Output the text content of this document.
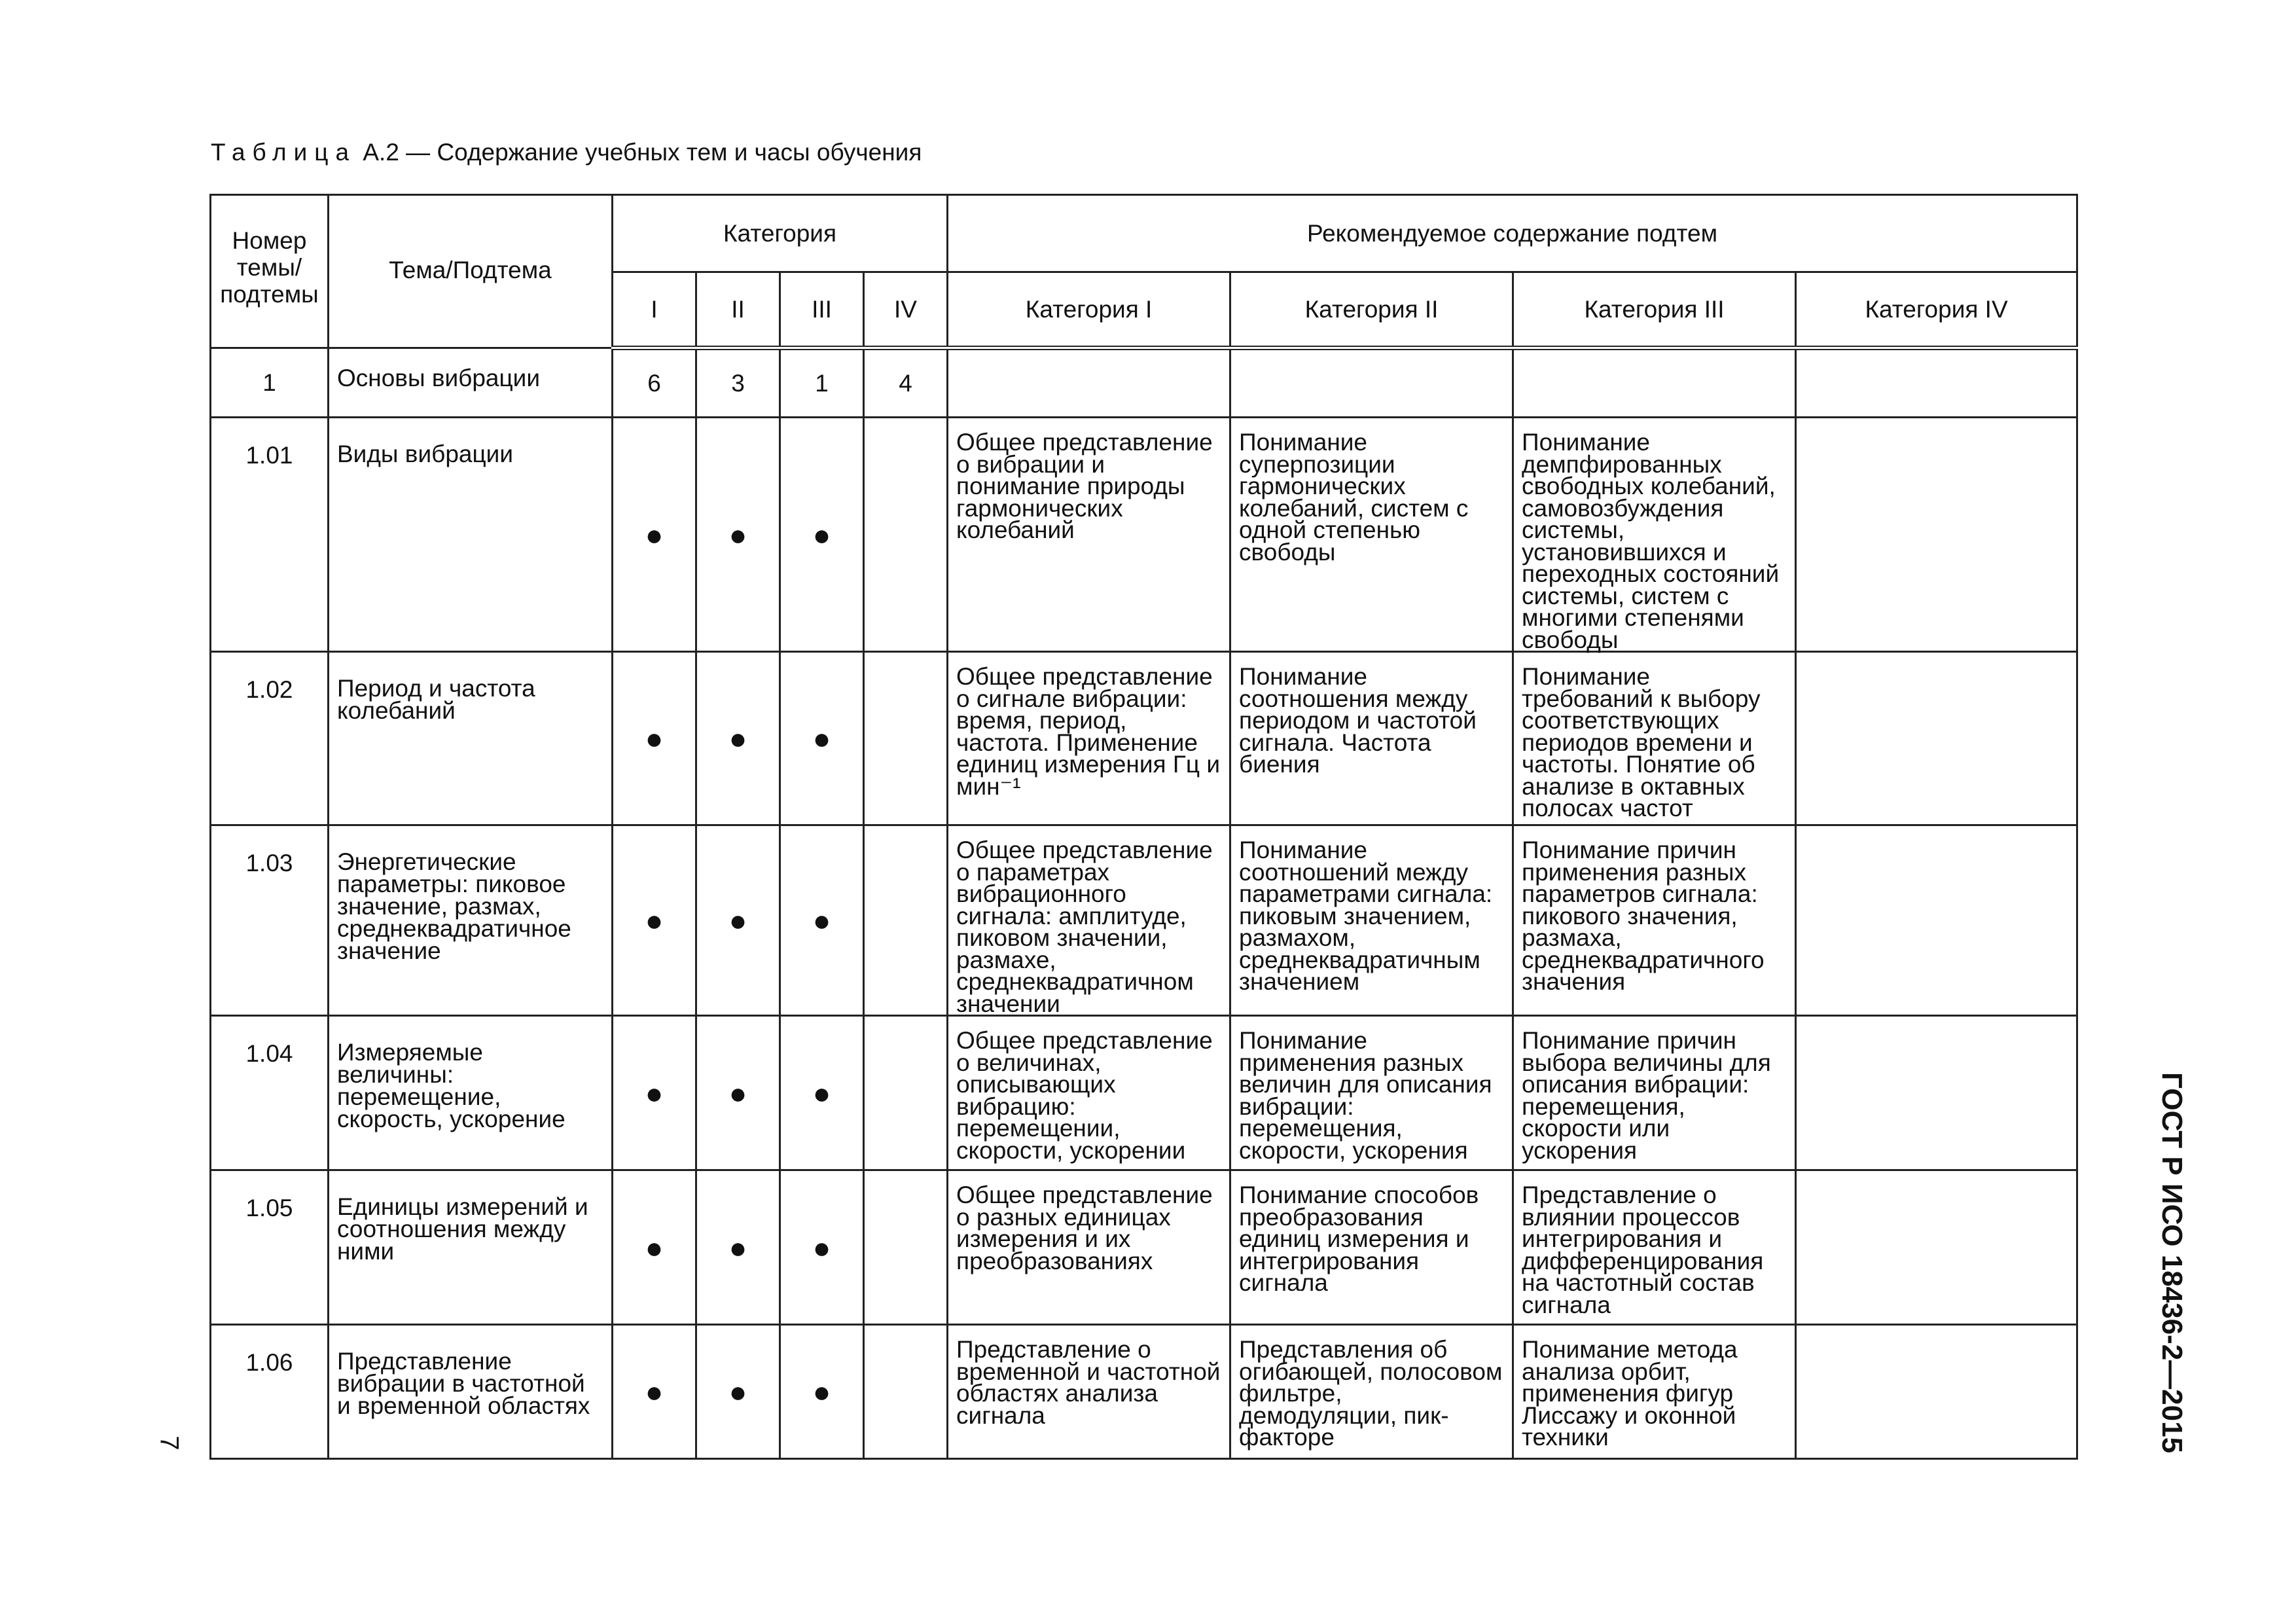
Таблица А.2 — Содержание учебных тем и часы обучения
Номер темы/ подтемы	Тема/Подтема	Категория				Рекомендуемое содержание подтем			
		I	II	III	IV	Категория I	Категория II	Категория III	Категория IV
1	Основы вибрации	6	3	1	4				
1.01	Виды вибрации	●	●	●		Общее представление о вибрации и понимание природы гармонических колебаний	Понимание суперпозиции гармонических колебаний, систем с одной степенью свободы	Понимание демпфированных свободных колебаний, самовозбуждения системы, установившихся и переходных состояний системы, систем с многими степенями свободы	
1.02	Период и частота колебаний	●	●	●		Общее представление о сигнале вибрации: время, период, частота. Применение единиц измерения Гц и мин⁻¹	Понимание соотношения между периодом и частотой сигнала. Частота биения	Понимание требований к выбору соответствующих периодов времени и частоты. Понятие об анализе в октавных полосах частот	
1.03	Энергетические параметры: пиковое значение, размах, среднеквадратичное значение	●	●	●		Общее представление о параметрах вибрационного сигнала: амплитуде, пиковом значении, размахе, среднеквадратичном значении	Понимание соотношений между параметрами сигнала: пиковым значением, размахом, среднеквадратичным значением	Понимание причин применения разных параметров сигнала: пикового значения, размаха, среднеквадратичного значения	
1.04	Измеряемые величины: перемещение, скорость, ускорение	●	●	●		Общее представление о величинах, описывающих вибрацию: перемещении, скорости, ускорении	Понимание применения разных величин для описания вибрации: перемещения, скорости, ускорения	Понимание причин выбора величины для описания вибрации: перемещения, скорости или ускорения	
1.05	Единицы измерений и соотношения между ними	●	●	●		Общее представление о разных единицах измерения и их преобразованиях	Понимание способов преобразования единиц измерения и интегрирования сигнала	Представление о влиянии процессов интегрирования и дифференцирования на частотный состав сигнала	
1.06	Представление вибрации в частотной и временной областях	●	●	●		Представление о временной и частотной областях анализа сигнала	Представления об огибающей, полосовом фильтре, демодуляции, пик-факторе	Понимание метода анализа орбит, применения фигур Лиссажу и оконной техники		ГОСТ Р ИСО 18436-2—2015
7
